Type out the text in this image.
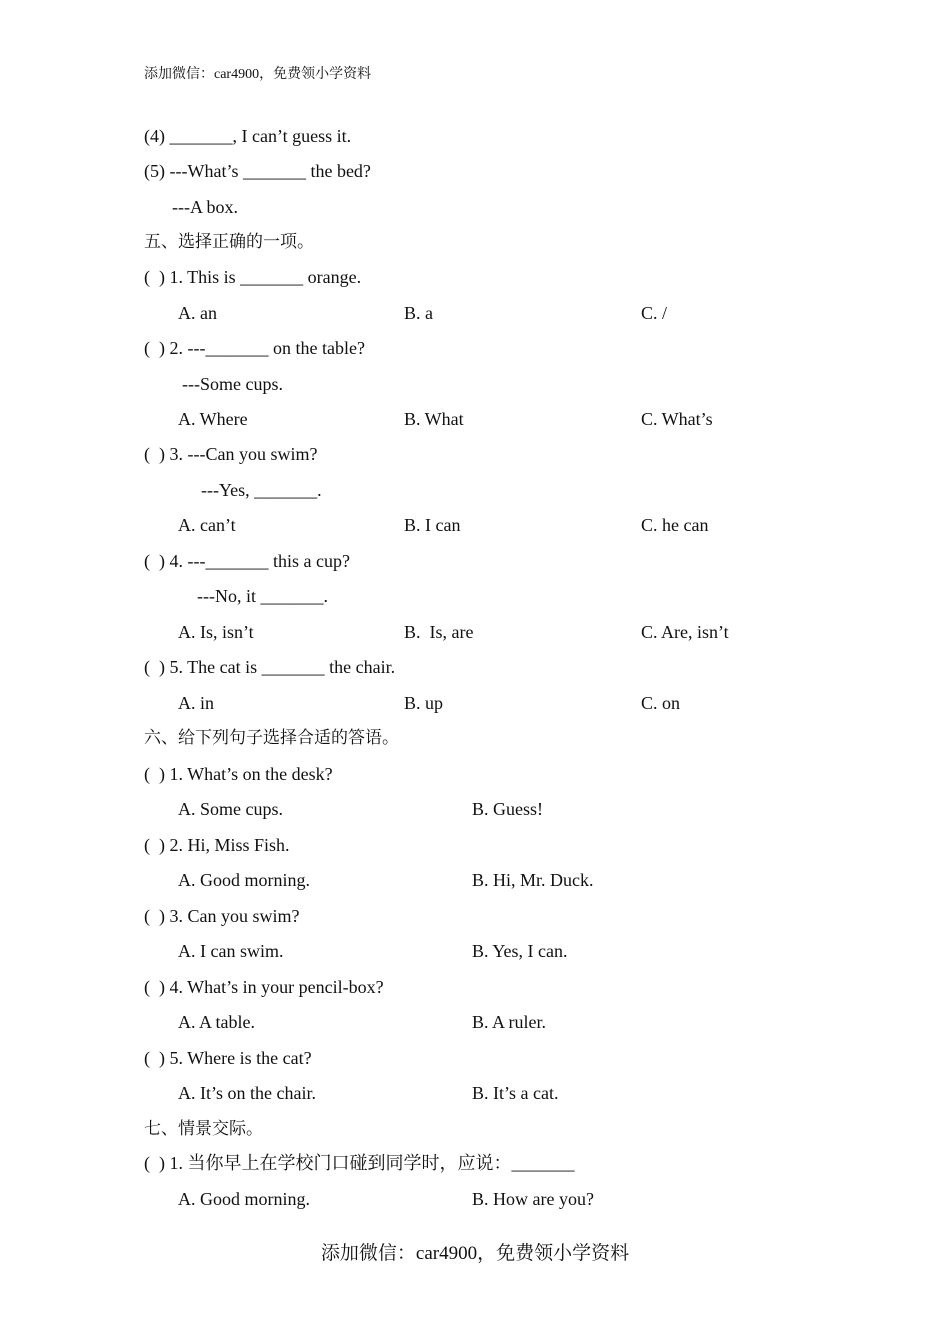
添加微信：car4900，免费领小学资料
(4) _______, I can’t guess it.
(5) ---What’s _______ the bed?
---A box.
五、选择正确的一项。
(  ) 1. This is _______ orange.
A. an	B. a	C. /
(  ) 2. ---_______ on the table?
---Some cups.
A. Where	B. What	C. What’s
(  ) 3. ---Can you swim?
---Yes, _______.
A. can’t	B. I can	C. he can
(  ) 4. ---_______ this a cup?
---No, it _______.
A. Is, isn’t	B.  Is, are	C. Are, isn’t
(  ) 5. The cat is _______ the chair.
A. in	B. up	C. on
六、给下列句子选择合适的答语。
(  ) 1. What’s on the desk?
A. Some cups.	B. Guess!
(  ) 2. Hi, Miss Fish.
A. Good morning.	B. Hi, Mr. Duck.
(  ) 3. Can you swim?
A. I can swim.	B. Yes, I can.
(  ) 4. What’s in your pencil-box?
A. A table.	B. A ruler.
(  ) 5. Where is the cat?
A. It’s on the chair.	B. It’s a cat.
七、情景交际。
(  ) 1. 当你早上在学校门口碰到同学时，应说：_______
A. Good morning.	B. How are you?
添加微信：car4900，免费领小学资料
